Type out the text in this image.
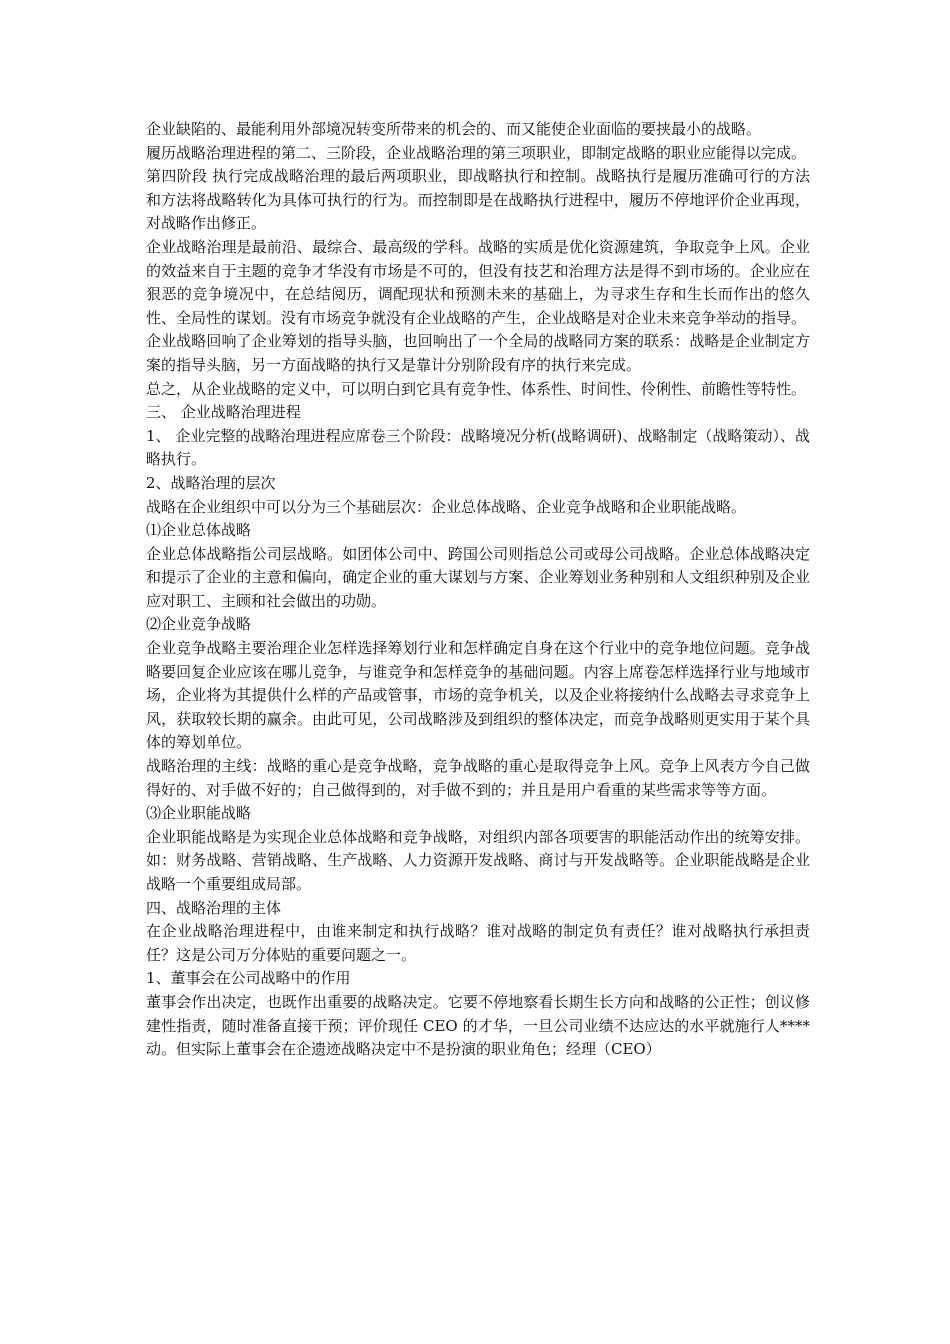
企业缺陷的、最能利用外部境况转变所带来的机会的、而又能使企业面临的要挟最小的战略。

履历战略治理进程的第二、三阶段，企业战略治理的第三项职业，即制定战略的职业应能得以完成。

第四阶段 执行完成战略治理的最后两项职业，即战略执行和控制。战略执行是履历准确可行的方法和方法将战略转化为具体可执行的行为。而控制即是在战略执行进程中，履历不停地评价企业再现，对战略作出修正。

企业战略治理是最前沿、最综合、最高级的学科。战略的实质是优化资源建筑，争取竞争上风。企业的效益来自于主题的竞争才华没有市场是不可的，但没有技艺和治理方法是得不到市场的。企业应在狠恶的竞争境况中，在总结阅历，调配现状和预测未来的基础上，为寻求生存和生长而作出的悠久性、全局性的谋划。没有市场竞争就没有企业战略的产生，企业战略是对企业未来竞争举动的指导。

企业战略回响了企业筹划的指导头脑，也回响出了一个全局的战略同方案的联系：战略是企业制定方案的指导头脑，另一方面战略的执行又是靠计分别阶段有序的执行来完成。

总之，从企业战略的定义中，可以明白到它具有竞争性、体系性、时间性、伶俐性、前瞻性等特性。

三、 企业战略治理进程

1、 企业完整的战略治理进程应席卷三个阶段：战略境况分析(战略调研)、战略制定（战略策动）、战略执行。

2、战略治理的层次

战略在企业组织中可以分为三个基础层次：企业总体战略、企业竞争战略和企业职能战略。

⑴企业总体战略

企业总体战略指公司层战略。如团体公司中、跨国公司则指总公司或母公司战略。企业总体战略决定和提示了企业的主意和偏向，确定企业的重大谋划与方案、企业筹划业务种别和人文组织种别及企业应对职工、主顾和社会做出的功勋。

⑵企业竞争战略

企业竞争战略主要治理企业怎样选择筹划行业和怎样确定自身在这个行业中的竞争地位问题。竞争战略要回复企业应该在哪儿竞争，与谁竞争和怎样竞争的基础问题。内容上席卷怎样选择行业与地域市场，企业将为其提供什么样的产品或管事，市场的竞争机关，以及企业将接纳什么战略去寻求竞争上风，获取较长期的赢余。由此可见，公司战略涉及到组织的整体决定，而竞争战略则更实用于某个具体的筹划单位。

战略治理的主线：战略的重心是竞争战略，竞争战略的重心是取得竞争上风。竞争上风表方今自己做得好的、对手做不好的；自己做得到的，对手做不到的；并且是用户看重的某些需求等等方面。

⑶企业职能战略

企业职能战略是为实现企业总体战略和竞争战略，对组织内部各项要害的职能活动作出的统筹安排。如：财务战略、营销战略、生产战略、人力资源开发战略、商讨与开发战略等。企业职能战略是企业战略一个重要组成局部。

四、战略治理的主体

在企业战略治理进程中，由谁来制定和执行战略？谁对战略的制定负有责任？谁对战略执行承担责任？这是公司万分体贴的重要问题之一。

1、董事会在公司战略中的作用

董事会作出决定，也既作出重要的战略决定。它要不停地察看长期生长方向和战略的公正性；创议修建性指责，随时准备直接干预；评价现任 CEO 的才华，一旦公司业绩不达应达的水平就施行人****动。但实际上董事会在企遗迹战略决定中不是扮演的职业角色；经理（CEO）
